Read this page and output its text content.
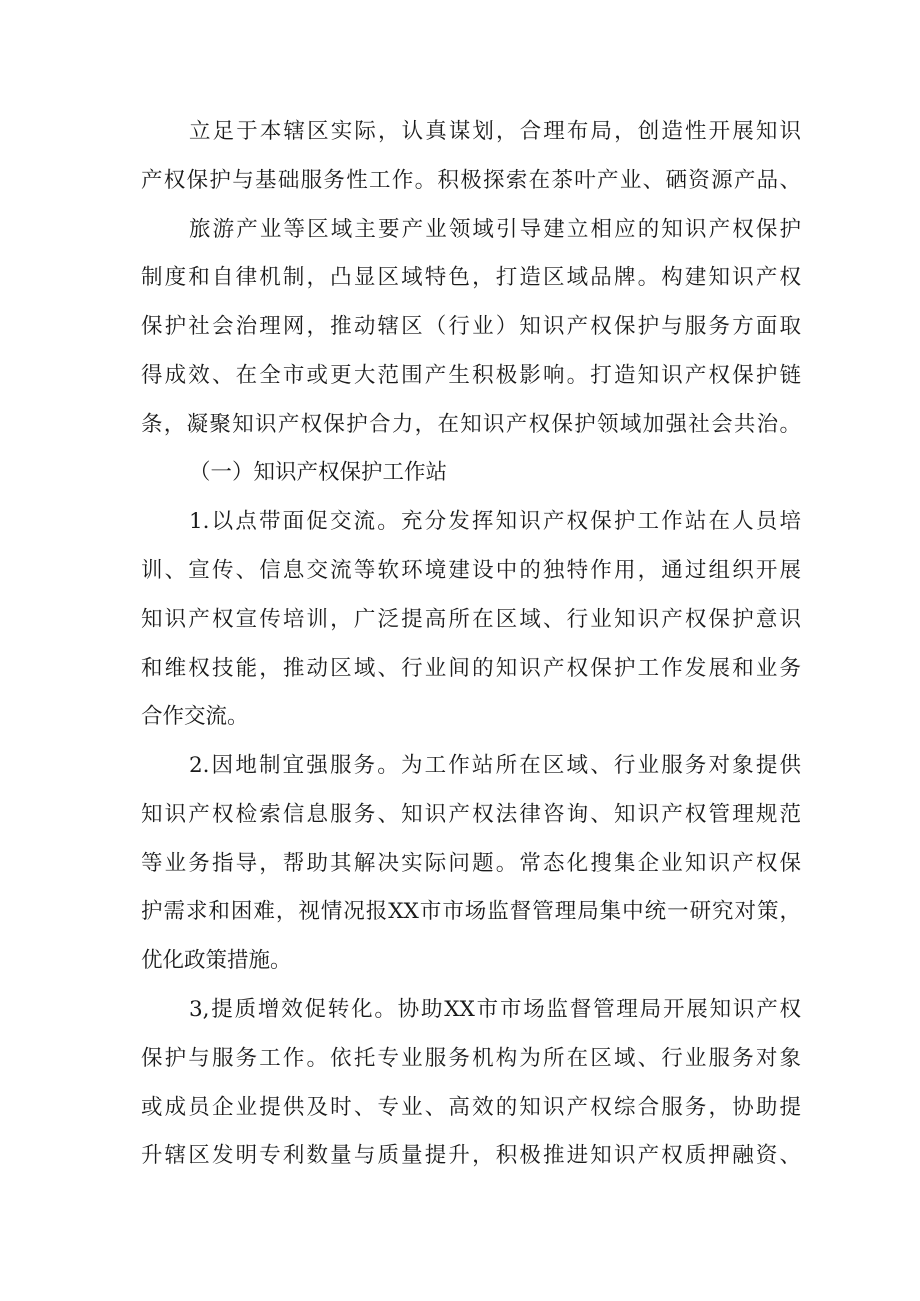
立足于本辖区实际，认真谋划，合理布局，创造性开展知识
产权保护与基础服务性工作。积极探索在茶叶产业、硒资源产品、
旅游产业等区域主要产业领域引导建立相应的知识产权保护
制度和自律机制，凸显区域特色，打造区域品牌。构建知识产权
保护社会治理网，推动辖区（行业）知识产权保护与服务方面取
得成效、在全市或更大范围产生积极影响。打造知识产权保护链
条，凝聚知识产权保护合力，在知识产权保护领域加强社会共治。
（一）知识产权保护工作站
1.以点带面促交流。充分发挥知识产权保护工作站在人员培
训、宣传、信息交流等软环境建设中的独特作用，通过组织开展
知识产权宣传培训，广泛提高所在区域、行业知识产权保护意识
和维权技能，推动区域、行业间的知识产权保护工作发展和业务
合作交流。
2.因地制宜强服务。为工作站所在区域、行业服务对象提供
知识产权检索信息服务、知识产权法律咨询、知识产权管理规范
等业务指导，帮助其解决实际问题。常态化搜集企业知识产权保
护需求和困难，视情况报XX市市场监督管理局集中统一研究对策，
优化政策措施。
3,提质增效促转化。协助XX市市场监督管理局开展知识产权
保护与服务工作。依托专业服务机构为所在区域、行业服务对象
或成员企业提供及时、专业、高效的知识产权综合服务，协助提
升辖区发明专利数量与质量提升，积极推进知识产权质押融资、
